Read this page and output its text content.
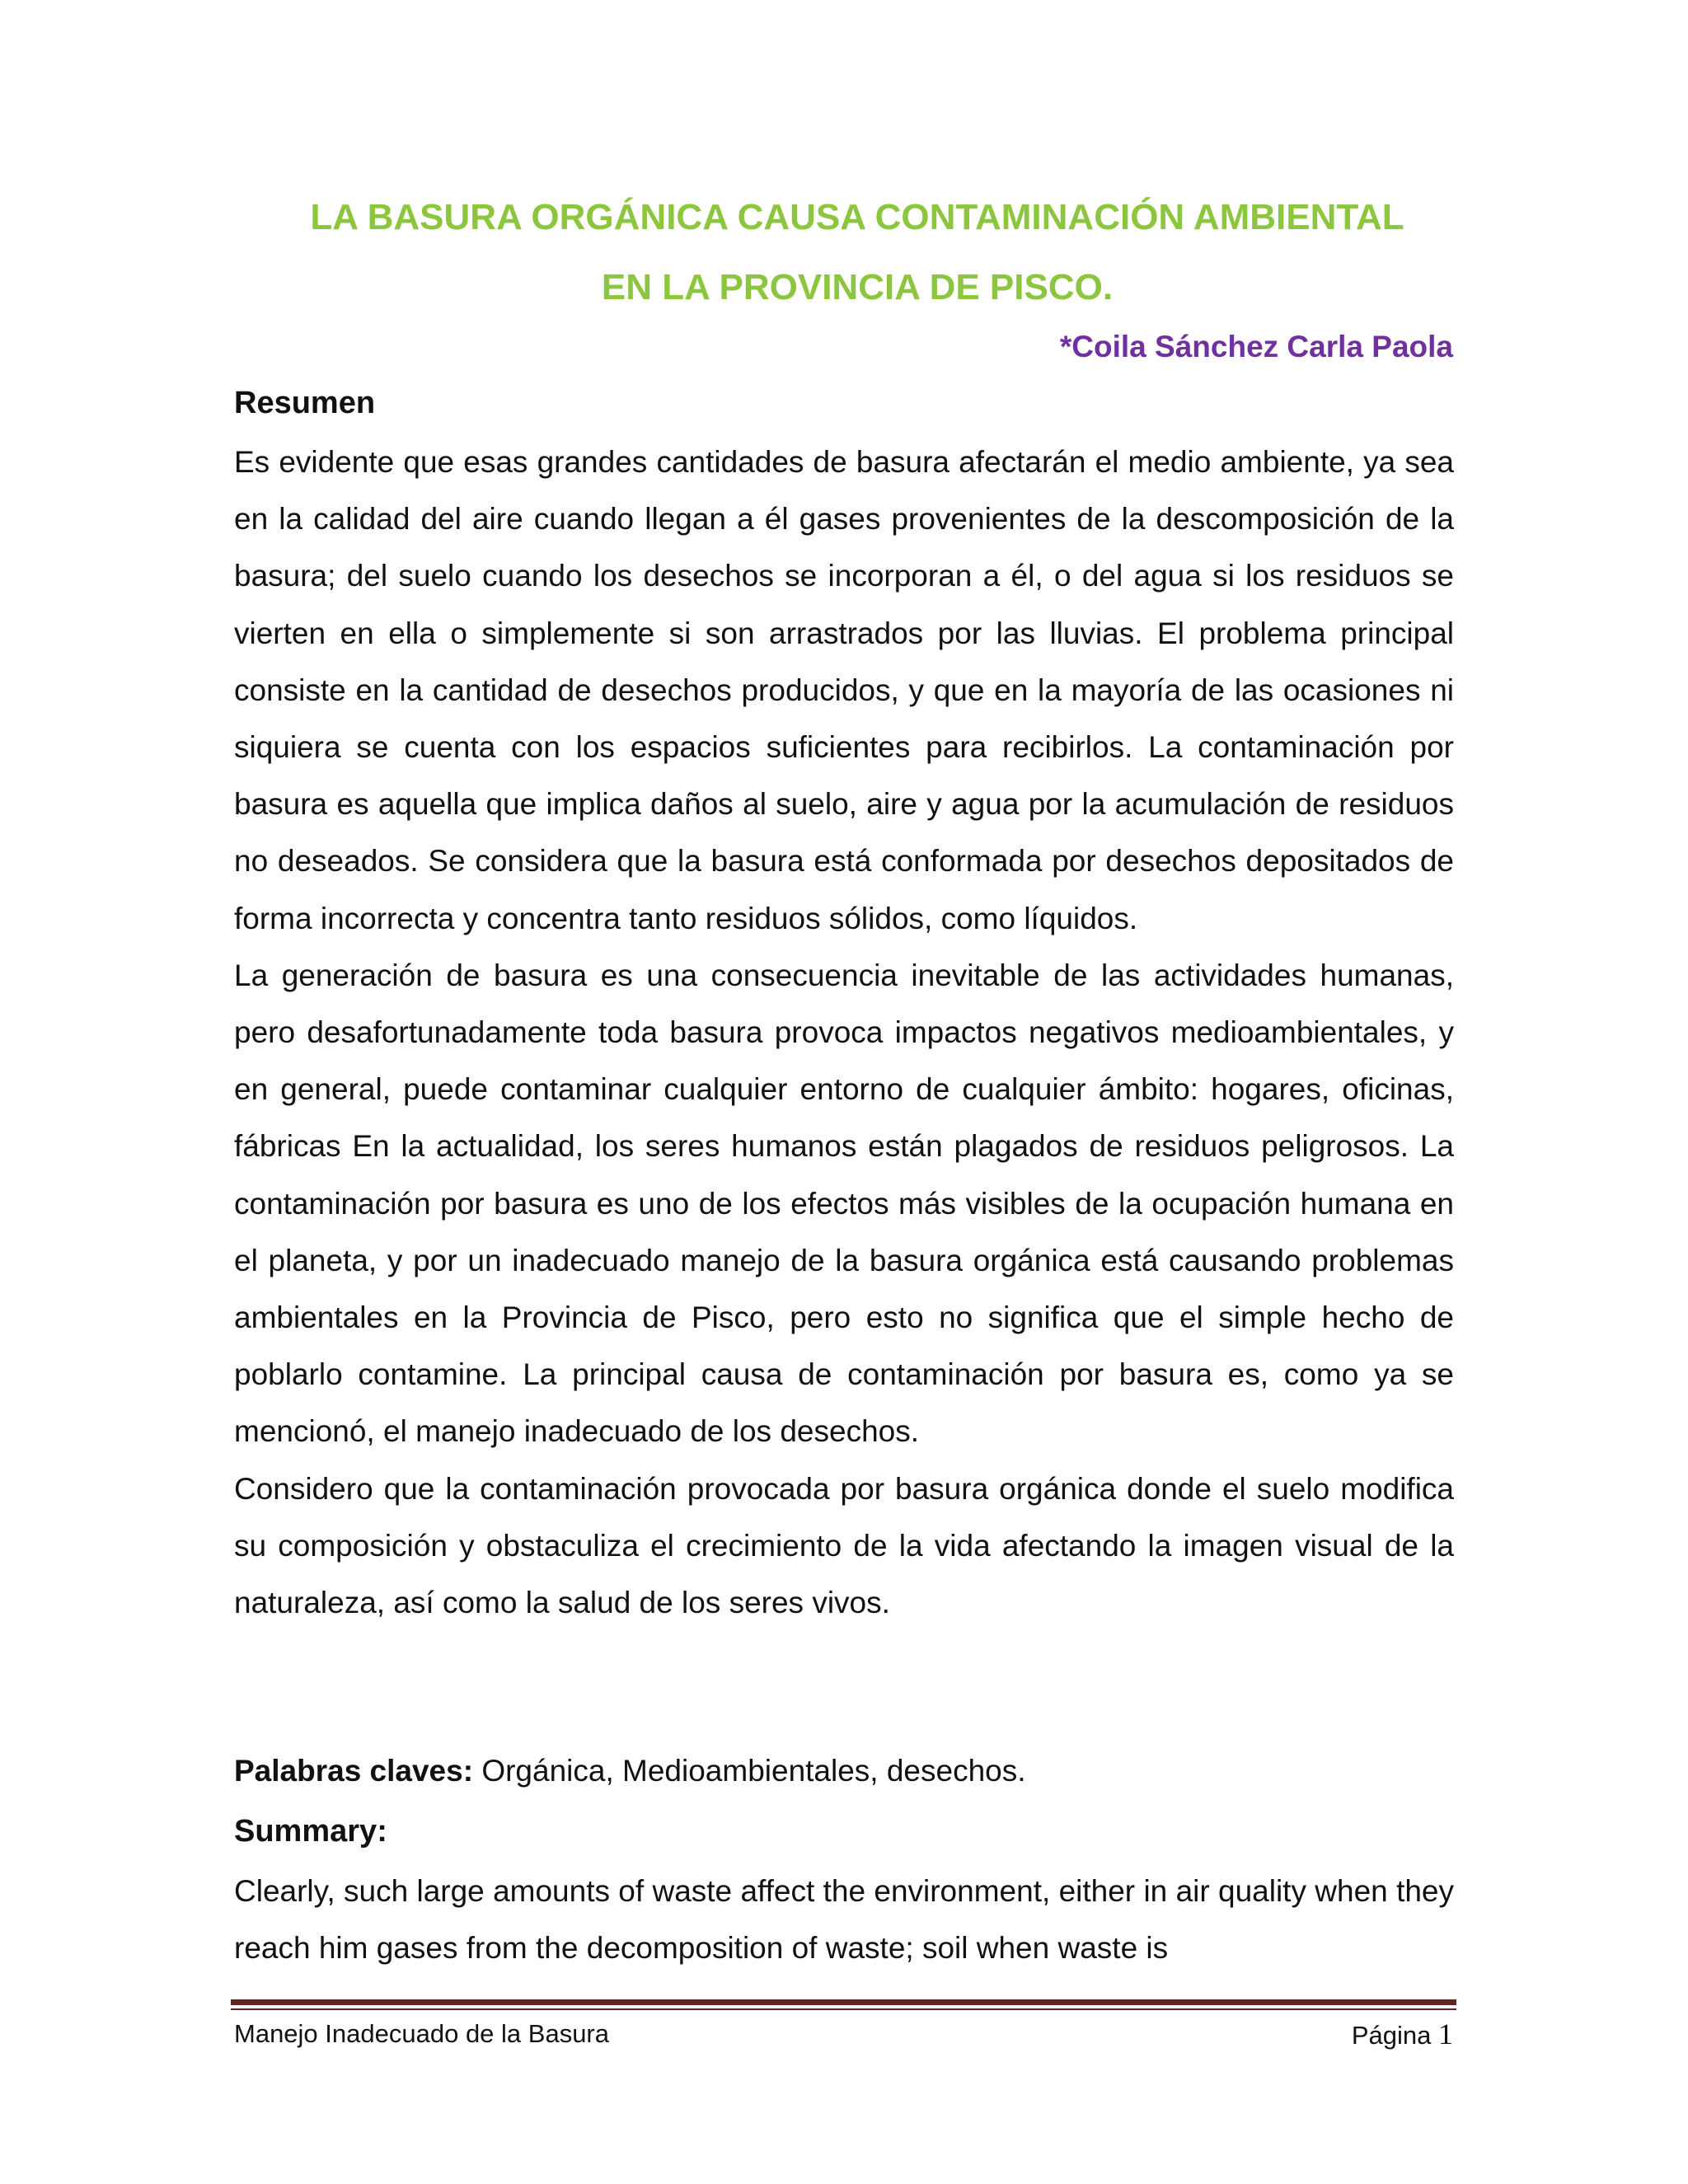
LA BASURA ORGÁNICA CAUSA CONTAMINACIÓN AMBIENTAL
EN LA PROVINCIA DE PISCO.
*Coila Sánchez Carla Paola
Resumen

Es evidente que esas grandes cantidades de basura afectarán el medio ambiente, ya sea en la calidad del aire cuando llegan a él gases provenientes de la descomposición de la basura; del suelo cuando los desechos se incorporan a él, o del agua si los residuos se vierten en ella o simplemente si son arrastrados por las lluvias. El problema principal consiste en la cantidad de desechos producidos, y que en la mayoría de las ocasiones ni siquiera se cuenta con los espacios suficientes para recibirlos. La contaminación por basura es aquella que implica daños al suelo, aire y agua por la acumulación de residuos no deseados. Se considera que la basura está conformada por desechos depositados de forma incorrecta y concentra tanto residuos sólidos, como líquidos.

La generación de basura es una consecuencia inevitable de las actividades humanas, pero desafortunadamente toda basura provoca impactos negativos medioambientales, y en general, puede contaminar cualquier entorno de cualquier ámbito: hogares, oficinas, fábricas En la actualidad, los seres humanos están plagados de residuos peligrosos. La contaminación por basura es uno de los efectos más visibles de la ocupación humana en el planeta, y por un inadecuado manejo de la basura orgánica está causando problemas ambientales en la Provincia de Pisco, pero esto no significa que el simple hecho de poblarlo contamine. La principal causa de contaminación por basura es, como ya se mencionó, el manejo inadecuado de los desechos.

Considero que la contaminación provocada por basura orgánica donde el suelo modifica su composición y obstaculiza el crecimiento de la vida afectando la imagen visual de la naturaleza, así como la salud de los seres vivos.

Palabras claves: Orgánica, Medioambientales, desechos.
Summary:

Clearly, such large amounts of waste affect the environment, either in air quality when they reach him gases from the decomposition of waste; soil when waste is

Manejo Inadecuado de la Basura	Página 1
